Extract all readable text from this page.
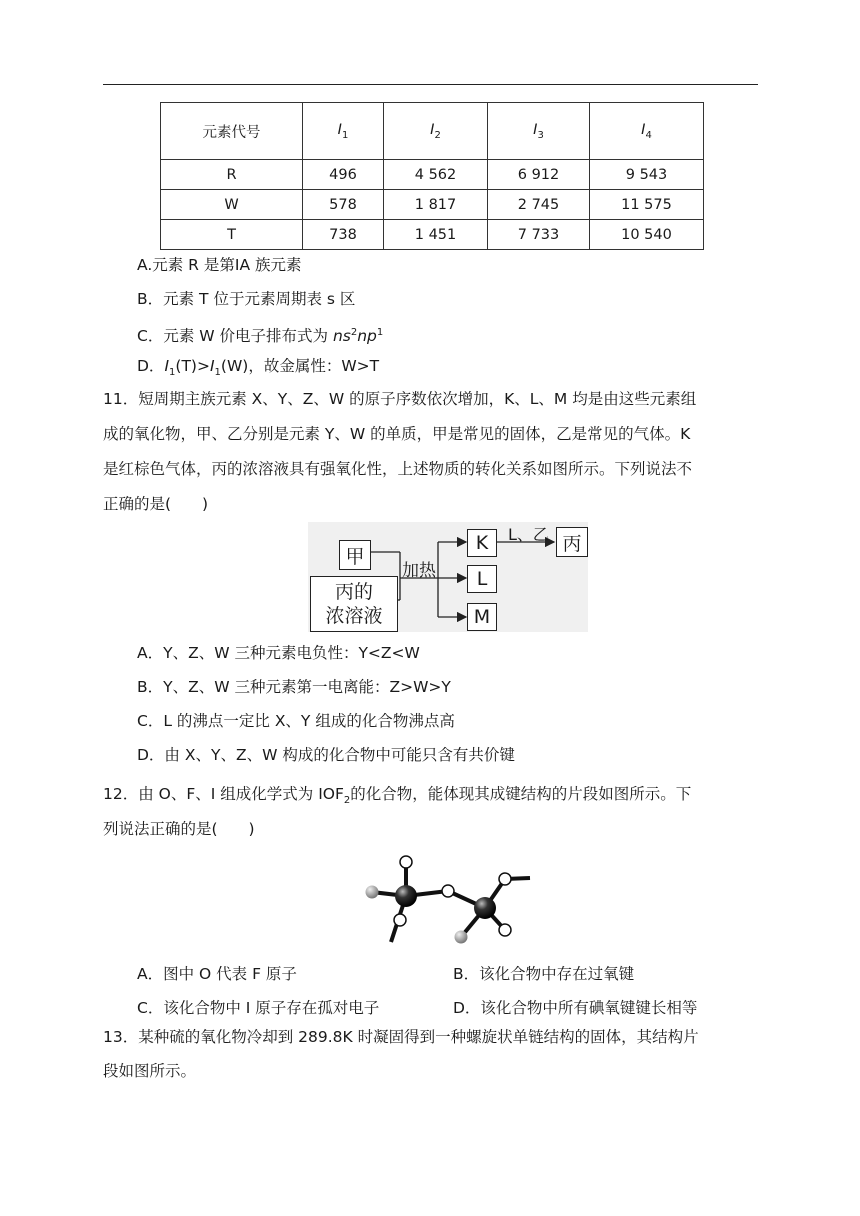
元素代号	$I_1$	$I_2$	$I_3$	$I_4$
R	496	4 562	6 912	9 543
W	578	1 817	2 745	11 575
T	738	1 451	7 733	10 540
A.元素 R 是第ⅠA 族元素
B．元素 T 位于元素周期表 s 区
C．元素 W 价电子排布式为 $ns^2np^1$
D．$I_1(T)>I_1(W)$，故金属性：W>T
11．短周期主族元素 X、Y、Z、W 的原子序数依次增加，K、L、M 均是由这些元素组
成的氧化物，甲、乙分别是元素 Y、W 的单质，甲是常见的固体，乙是常见的气体。K
是红棕色气体，丙的浓溶液具有强氧化性，上述物质的转化关系如图所示。下列说法不
正确的是(　　)
甲
丙的
浓溶液
加热
K
L
M
L、乙 丙
A．Y、Z、W 三种元素电负性：Y<Z<W
B．Y、Z、W 三种元素第一电离能：Z>W>Y
C．L 的沸点一定比 X、Y 组成的化合物沸点高
D．由 X、Y、Z、W 构成的化合物中可能只含有共价键
12．由 O、F、I 组成化学式为 $IOF_2$的化合物，能体现其成键结构的片段如图所示。下
列说法正确的是(　　)
A．图中 O 代表 F 原子	B．该化合物中存在过氧键
C．该化合物中 I 原子存在孤对电子	D．该化合物中所有碘氧键键长相等
13．某种硫的氧化物冷却到 289.8K 时凝固得到一种螺旋状单链结构的固体，其结构片
段如图所示。
